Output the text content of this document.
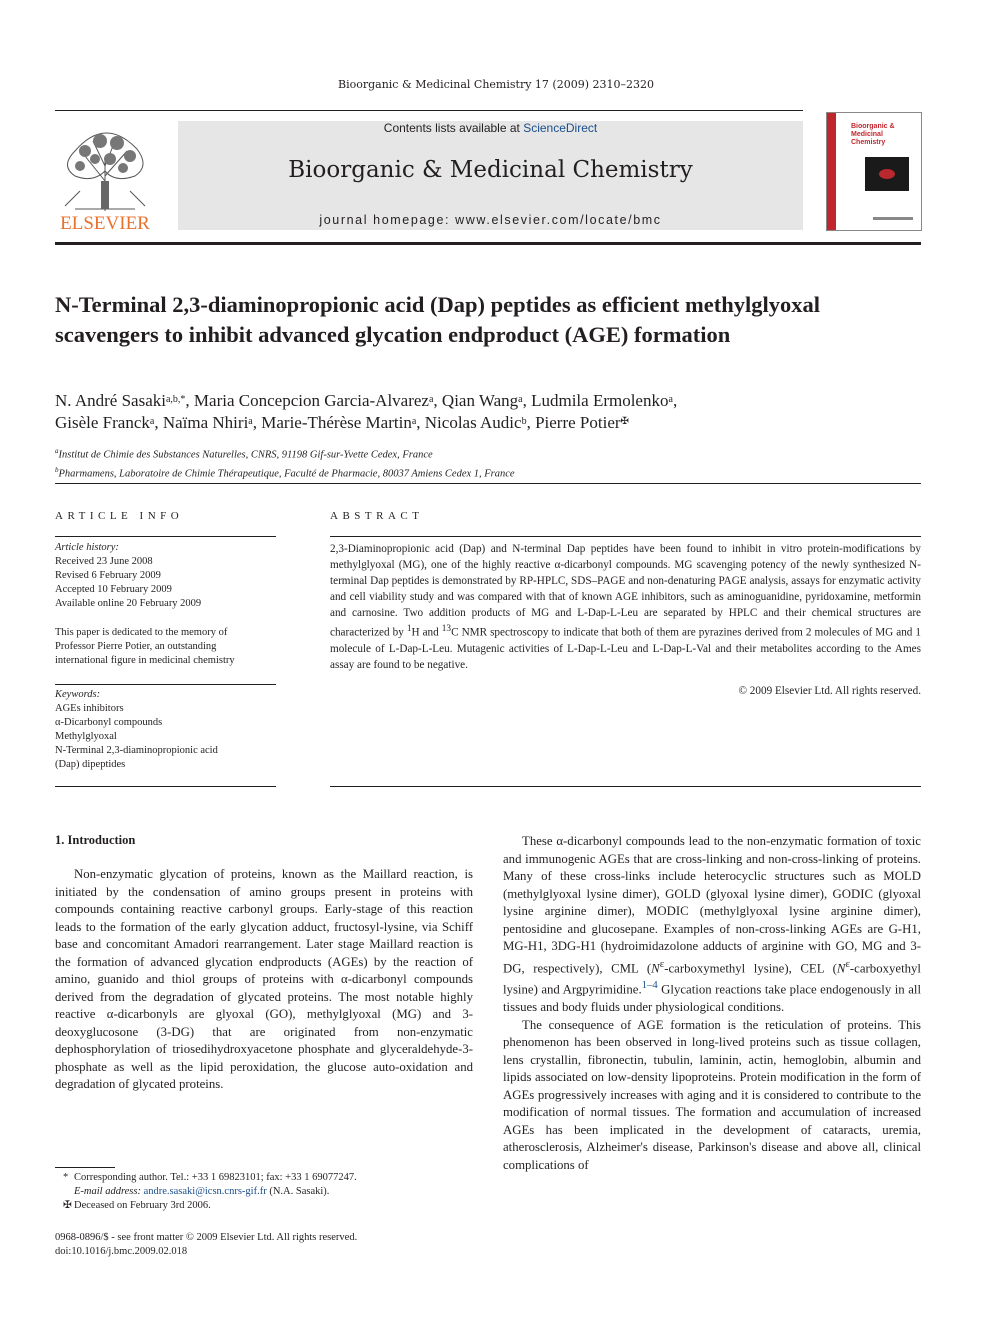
Bioorganic & Medicinal Chemistry 17 (2009) 2310–2320
ELSEVIER
Contents lists available at ScienceDirect
Bioorganic & Medicinal Chemistry
journal homepage: www.elsevier.com/locate/bmc
Bioorganic & Medicinal Chemistry
N-Terminal 2,3-diaminopropionic acid (Dap) peptides as efficient methylglyoxal scavengers to inhibit advanced glycation endproduct (AGE) formation
N. André Sasaki$^{a,b,*}$, Maria Concepcion Garcia-Alvarez$^a$, Qian Wang$^a$, Ludmila Ermolenko$^a$,
Gisèle Franck$^a$, Naïma Nhiri$^a$, Marie-Thérèse Martin$^a$, Nicolas Audic$^b$, Pierre Potier✠
$^a$Institut de Chimie des Substances Naturelles, CNRS, 91198 Gif-sur-Yvette Cedex, France
$^b$Pharmamens, Laboratoire de Chimie Thérapeutique, Faculté de Pharmacie, 80037 Amiens Cedex 1, France
ARTICLE INFO
Article history:
Received 23 June 2008
Revised 6 February 2009
Accepted 10 February 2009
Available online 20 February 2009
This paper is dedicated to the memory of
Professor Pierre Potier, an outstanding
international figure in medicinal chemistry
Keywords:
AGEs inhibitors
α-Dicarbonyl compounds
Methylglyoxal
N-Terminal 2,3-diaminopropionic acid
(Dap) dipeptides
ABSTRACT
2,3-Diaminopropionic acid (Dap) and N-terminal Dap peptides have been found to inhibit in vitro protein-modifications by methylglyoxal (MG), one of the highly reactive α-dicarbonyl compounds. MG scavenging potency of the newly synthesized N-terminal Dap peptides is demonstrated by RP-HPLC, SDS–PAGE and non-denaturing PAGE analysis, assays for enzymatic activity and cell viability study and was compared with that of known AGE inhibitors, such as aminoguanidine, pyridoxamine, metformin and carnosine. Two addition products of MG and L-Dap-L-Leu are separated by HPLC and their chemical structures are characterized by $^1$H and $^{13}$C NMR spectroscopy to indicate that both of them are pyrazines derived from 2 molecules of MG and 1 molecule of L-Dap-L-Leu. Mutagenic activities of L-Dap-L-Leu and L-Dap-L-Val and their metabolites according to the Ames assay are found to be negative.
© 2009 Elsevier Ltd. All rights reserved.
1. Introduction

Non-enzymatic glycation of proteins, known as the Maillard reaction, is initiated by the condensation of amino groups present in proteins with compounds containing reactive carbonyl groups. Early-stage of this reaction leads to the formation of the early glycation adduct, fructosyl-lysine, via Schiff base and concomitant Amadori rearrangement. Later stage Maillard reaction is the formation of advanced glycation endproducts (AGEs) by the reaction of amino, guanido and thiol groups of proteins with α-dicarbonyl compounds derived from the degradation of glycated proteins. The most notable highly reactive α-dicarbonyls are glyoxal (GO), methylglyoxal (MG) and 3-deoxyglucosone (3-DG) that are originated from non-enzymatic dephosphorylation of triosedihydroxyacetone phosphate and glyceraldehyde-3-phosphate as well as the lipid peroxidation, the glucose auto-oxidation and degradation of glycated proteins.

These α-dicarbonyl compounds lead to the non-enzymatic formation of toxic and immunogenic AGEs that are cross-linking and non-cross-linking of proteins. Many of these cross-links include heterocyclic structures such as MOLD (methylglyoxal lysine dimer), GOLD (glyoxal lysine dimer), GODIC (glyoxal lysine arginine dimer), MODIC (methylglyoxal lysine arginine dimer), pentosidine and glucosepane. Examples of non-cross-linking AGEs are G-H1, MG-H1, 3DG-H1 (hydroimidazolone adducts of arginine with GO, MG and 3-DG, respectively), CML ($N^\varepsilon$-carboxymethyl lysine), CEL ($N^\varepsilon$-carboxyethyl lysine) and Argpyrimidine.$^{1-4}$ Glycation reactions take place endogenously in all tissues and body fluids under physiological conditions.

The consequence of AGE formation is the reticulation of proteins. This phenomenon has been observed in long-lived proteins such as tissue collagen, lens crystallin, fibronectin, tubulin, laminin, actin, hemoglobin, albumin and lipids associated on low-density lipoproteins. Protein modification in the form of AGEs progressively increases with aging and it is considered to contribute to the modification of normal tissues. The formation and accumulation of increased AGEs has been implicated in the development of cataracts, uremia, atherosclerosis, Alzheimer's disease, Parkinson's disease and above all, clinical complications of

* Corresponding author. Tel.: +33 1 69823101; fax: +33 1 69077247.
E-mail address: andre.sasaki@icsn.cnrs-gif.fr (N.A. Sasaki).
✠ Deceased on February 3rd 2006.
0968-0896/$ - see front matter © 2009 Elsevier Ltd. All rights reserved.
doi:10.1016/j.bmc.2009.02.018
